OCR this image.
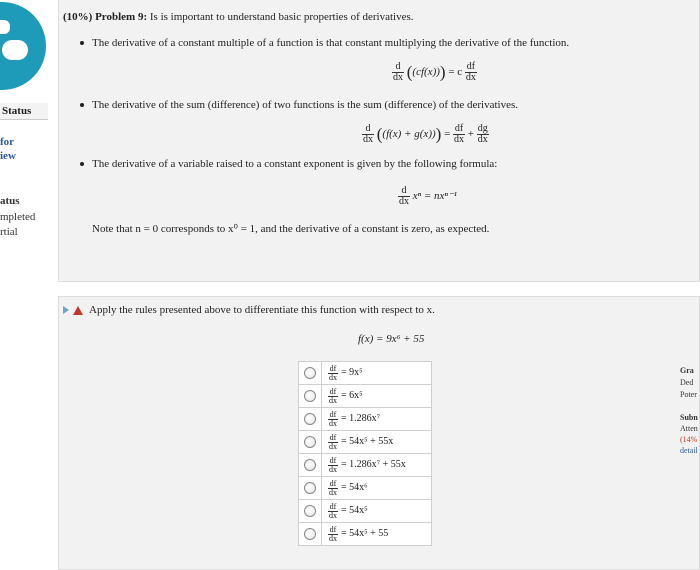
Status
for
iew
atus
mpleted
rtial
(10%) Problem 9: Is is important to understand basic properties of derivatives.
The derivative of a constant multiple of a function is that constant multiplying the derivative of the function.
$\frac{d}{dx} ((cf(x))) = c \frac{df}{dx}$
The derivative of the sum (difference) of two functions is the sum (difference) of the derivatives.
$\frac{d}{dx} ((f(x) + g(x))) = \frac{df}{dx} + \frac{dg}{dx}$
The derivative of a variable raised to a constant exponent is given by the following formula:
$\frac{d}{dx}$ xⁿ = nxⁿ⁻¹
Note that n = 0 corresponds to x⁰ = 1, and the derivative of a constant is zero, as expected.
Apply the rules presented above to differentiate this function with respect to x.
f(x) = 9x⁶ + 55

	$\frac{df}{dx} = 9x^5$

	$\frac{df}{dx} = 6x^5$

	$\frac{df}{dx} = 1.286x^7$

	$\frac{df}{dx} = 54x^5 + 55x$

	$\frac{df}{dx} = 1.286x^7 + 55x$

	$\frac{df}{dx} = 54x^6$

	$\frac{df}{dx} = 54x^5$

	$\frac{df}{dx} = 54x^5 + 55$
Gra
Ded
Poter
Subn
Atten
(14%
detail
